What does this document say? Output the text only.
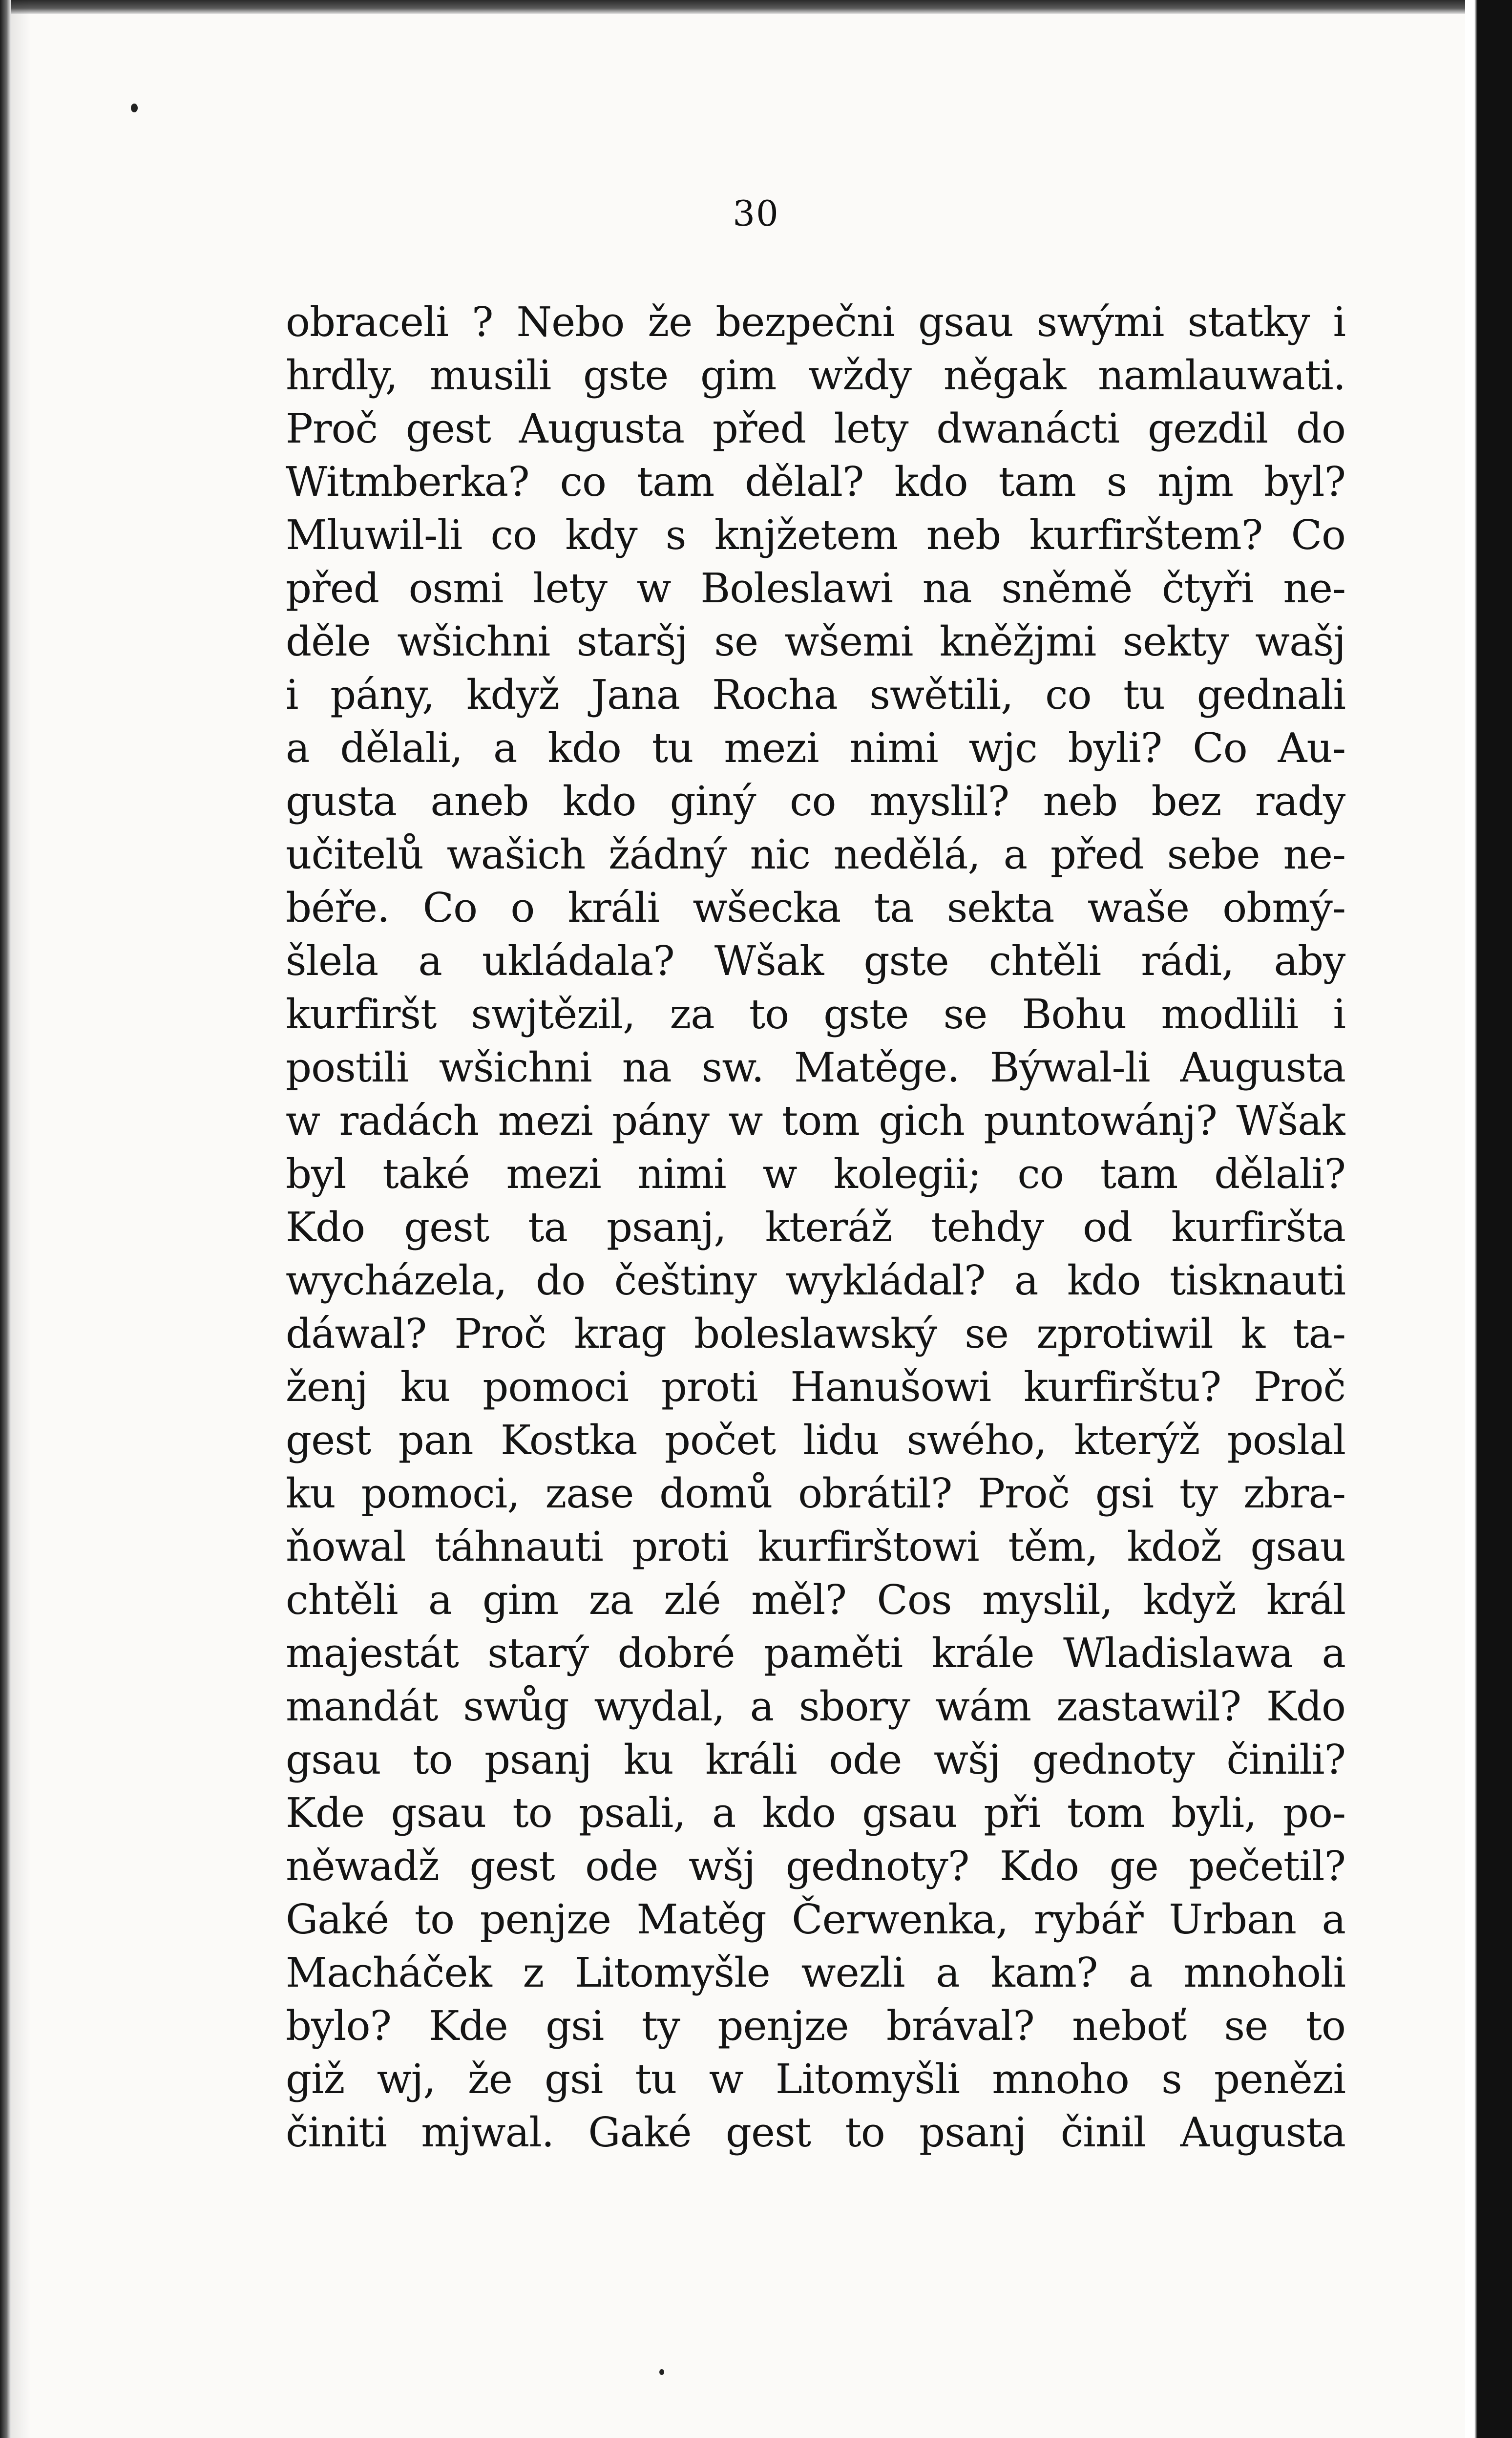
30
obraceli ? Nebo že bezpečni gsau swými statky i
hrdly, musili gste gim wždy něgak namlauwati.
Proč gest Augusta před lety dwanácti gezdil do
Witmberka? co tam dělal? kdo tam s njm byl?
Mluwil-li co kdy s knjžetem neb kurfirštem? Co
před osmi lety w Boleslawi na sněmě čtyři ne-
děle wšichni staršj se wšemi kněžjmi sekty wašj
i pány, když Jana Rocha swětili, co tu gednali
a dělali, a kdo tu mezi nimi wjc byli? Co Au-
gusta aneb kdo giný co myslil? neb bez rady
učitelů wašich žádný nic nedělá, a před sebe ne-
béře. Co o králi wšecka ta sekta waše obmý-
šlela a ukládala? Wšak gste chtěli rádi, aby
kurfiršt swjtězil, za to gste se Bohu modlili i
postili wšichni na sw. Matěge. Býwal-li Augusta
w radách mezi pány w tom gich puntowánj? Wšak
byl také mezi nimi w kolegii; co tam dělali?
Kdo gest ta psanj, kteráž tehdy od kurfiršta
wycházela, do češtiny wykládal? a kdo tisknauti
dáwal? Proč krag boleslawský se zprotiwil k ta-
ženj ku pomoci proti Hanušowi kurfirštu? Proč
gest pan Kostka počet lidu swého, kterýž poslal
ku pomoci, zase domů obrátil? Proč gsi ty zbra-
ňowal táhnauti proti kurfirštowi těm, kdož gsau
chtěli a gim za zlé měl? Cos myslil, když král
majestát starý dobré paměti krále Wladislawa a
mandát swůg wydal, a sbory wám zastawil? Kdo
gsau to psanj ku králi ode wšj gednoty činili?
Kde gsau to psali, a kdo gsau při tom byli, po-
něwadž gest ode wšj gednoty? Kdo ge pečetil?
Gaké to penjze Matěg Čerwenka, rybář Urban a
Macháček z Litomyšle wezli a kam? a mnoholi
bylo? Kde gsi ty penjze brával? neboť se to
giž wj, že gsi tu w Litomyšli mnoho s penězi
činiti mjwal. Gaké gest to psanj činil Augusta
